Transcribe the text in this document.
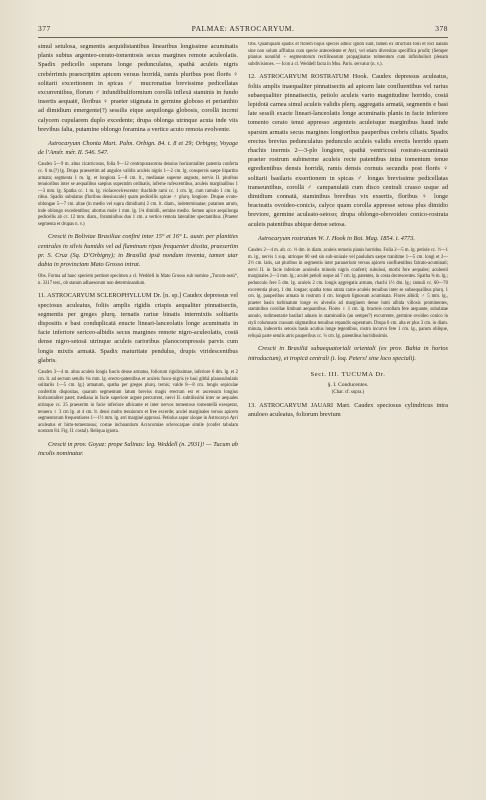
377	PALMAE: ASTROCARYUM.	378

simul setulosa, segmentis aequidistantibus linearibus longissime acuminatis planis subtus argenteo-cerato-tomentosis secus margines remote aculeolatis. Spadix pedicello superans longe pedunculatus, spathä aculeis nigris crebérrimis praescriptim apicem versus horridä, ramis pluribus post florës ♀ solitarii excertionem in spicas ♂ mucronatias brevissime pedicellatas excurrentibus, florum ♂ infundibuliformium corollä inflexä staminis in fundo insertis aequatë, floribus ♀ praeter stigmata in germine globoso et perianthio ad dimidium emergente(?) sessilis eique aequilonga globosis, corollä incrmi calycem cupularem duplo excedente; drupa oblonga utrinque acuta inde viis brevibus falta, putamine oblongo foramina a vertice acuto remota evolvente.

Astrocaryum Chonta Mart. Palm. Orbign. 84. t. 8 et 29; Orbigny, Voyage de l’Amér. mér. II. 546. 547.

Caudex 5—9 m. altus cicatricosus, folia 9—12 centropurascenta densius horizontaliter patentia conferta cc. 6 m.(?) lg. Drupa praesertim ad angulos validis aculeis nigris 1—2 cm. lg. conspersis saepe bipartito armata; segmenta 1 m. lg. et longiora 5—8 cm. lt., medianae superne angusto, nervis II. pluribus tenuioribus inter se aequalibus saepius superatim ordinatis, inferne rufescentibus, aculeis marginalibus 1—3 mm. lg. Spatha cc. 1 m. lg. violaceovirescente; rhachide rami cc. 1 cm. lg. cum ramulo 1 cm. lg. ribus. Spadix subulatus (floribus densiuscule) quam pedicellis spicae ♂ plurq. longiore. Drupae ovato-oblongae 5—7 cm. altae (in medio vel supra dimidium) 2 cm. lt. diam., indeterminatae; putamen atrum, inde oblongo excedentibus; abortus mole 1 mm. lg. 1¾ dimidii, semine medio. Semen apice aequilonga pedicellis ab cc. 12 mm. diam., foraminibus duo 1 cm. a vertice remota lateraliter spectantibus. (Praeter segmenta et drupas n. v.)

Crescit in Boliviae Brasiliae confini inter 15° et 16° L. austr. per planities centrales in silvis humidis vel ad flaminum ripas frequenter dissita, praesertim pr. S. Cruz (Sq. D’Orbigny); in Brasiliā ipsā nondum inventa, tamen utar dubia in provinciam Mato Grosso intrat.

Obs. Forma ad hanc speciem pertinet specimen a cl. Weddell in Mato Grosso sub nomine „Tucum-assú“, n. 3317 test., ob statum adhaesorum non determinandum.

11. ASTROCARYUM SCLEROPHYLLUM Dr. [n. sp.] Caudex depressus vel speciosus aculeatus, foliis amplis rigidis crispis aequaliter pinnatisectis, segmentis per greges plurq. ternatis rariue binatis intermixtis solitariis dispositis e basi conduplicatā enucte lineari-lanceolatis longe acuminatis in facie inferiore sericeo-albidis secus margines remote nigro-aculeolatis, costā dense nigro-setosā utrinque aculeis rarioribus planocompressis parvis cum longis mixtis armatä. Spadix maturitate pendulus, drupis viridescentibus glabris.

Caudex 3—4 m. altus aculeis longis fuscis dense armatus, foliorum rigidissimae, inferiore 6 dm. lg. et 2 cm. lt. ad sectum setulis ⅓s mm. lg. erecto-patentibus et aculeis fusco-nigris (e basi gibbā planosubulatis solitariis 1—5 cm. lg.) armatum, spatha per greges plurq. ternis; valde 8—8 cm. longis sepiculae confertim dispositas, quarum segmentum latum breviss magis erectum est et ascensum longius horizontaliter patet; mediana in facie superiore argute percurrent, nervi II. subtilissimi inter se aequales utrinque cc. 25 praeserim in facie inferiore albicante et inter nervos tomentoso tomentellā exesperat, tenuera ♀ 3 cm lg. at 4 cm. lt. densi multo tenuiorum et free excerde; aculei marginales versus apicem segmentorum frequentiores 1—1½ mm. lg. atri marginé approssi. Petiolus sapor sloque in Astrocaryo Ayri aculeatus et hirto-tomentosus; costae inchoantium Acrocomiae sclerocarpae simile (confer tabulam nostram 84. Fig. II. costal). Reliqua ignota.

Crescit in prov. Goyaz: prope Salinas: leg. Weddell (n. 2931)! — Tucum ab incolis nominatur.

Obs. Quamquam spadix et florem hujus speciei adhuc ignoti sunt, tamen ex structura folii et loci natalis sine non solum affinitas cum specie antecedente et Ayri, vel etiam diversitas speciflica prodit; (Semper planius nonnihil + segmentorum rectilinearum propaginatas tolmentum cum infinibuliuit plenam subdivisiones. — Icon a cl. Weddell facta in Mus. Paris. servatur (n. v.).

12. ASTROCARYUM ROSTRATUM Hook. Caudex depressus aculeatus, foliis amplis inaequaliter pinnatisectis ad apicem late confluentibus vel rarius subaequaliter pinnatisectis, petiolo aculeis vario magnitudine horrido, costä lepidotä carnea simul aculeis validis plerq. aggregatis armatä, segmentis e basi late sessili exacte lineari-lanceolatis longe acuminatis planis in facie inferiore tomento cerato tenui appresso argenteis aculeisque marginibus haud inde sparsim armatis secus margines longioribus pauperibus crebris ciliatis. Spadix erectus brevius pedunculatus pedunculo aculeis validis erectis horrido quam rhachis inermis 2—3-plo longiore, spathā ventricosä rostrato-acuminatä praeter rostrum subinerme aculeis recte patentibus intra tomentum tenue egredientibus densis horridä, ramis densis cornuis secundis post florës ♀ solitarii basilaris exsertionem in spicas ♂ longas brevissime pedicellatas transeuntibus, corollä ♂ campanulatä cum disco centrali crasso usque ad dimidium connatä, staminibus brevibus vix exsertis, floribus ♀ longe bracteatis ovoideo-conicis, calyce quam corolla appresse setosa plus dimidio breviore, germine aculeato-setoso; drupa oblongo-obovoideo conico-rostrata aculeis patentibus ubique dense setosa.

Astrocaryum rostratum W. J. Hook in Bot. Mag. 1854. t. 4773.

Caudex 2—4 m. alt. cc. ⅓ dm. in diam. aculeis remotis planis horridus. Folia 2—5 m. lg. petiole cc. ½—1 m. lg., nervis 1 sup. utrinque 60 sed sin sub-uniuale vel paululum saepe tranitime 1—5 cm. longi et 2—2½ cm. latis, sat pluribus in segmentis inter parauerium versus apicem confluentibus falcato-acuminati; nervi II. in facie inferiore aculeolis minutis nigris conferti; subulosi, morbi fore aequales; acubeoli marginales 2—3 mm. lg.; aculei petioli usque ad 7 cm. lg. patentes, in costa decrescentes. Spatha ¾ m. lg.; pedunculo fere 5 dm. lg. aculeis 2 cm. longis aggregatis armato, rhachi 1½ dm. lg.; ramuli cc. 60—70 excerentia plurq. 1 dm. longae; spatha totus atrata carne aculeis tenuibus inter se subaequalibus plurq. 1 cm. lg. pauperibus armata in rostrum 4 cm. longum lignosum acuminata. Flores albidi; ♂ 5 mm. lg., praeter basin turbinatum longe ex alveolis ad marginem dense lumi albida villosis prominentes, staminibus corollae limbum aequantibus. Flores ♀ 1 cm. lg. bracteis corollam fere aequante, subulatae annulo, rudimentarie basilari adnato in staminodiis (an semper?) excurrente, germine ovoideo conico in styli columnam crassam stigmatibus tenuibus repandis superatum. Drupa 6 cm. alta et plus 3 cm. in diam. minuta, indecertis setosis basin acutius longe tegentibus, rostro incurvo fere 1 cm. lg., parum oblique, reliquā parte setulis atris pauperibus cc. ¼ cm. lg. patentibus horridissimis.

Crescit in Brasiliā subaequatoriali orientali (ex prov. Bahia in hortos introductum), et tropicā centrali (t. loq. Peters! sine loco speciali).

Sect. III. TUCUMA Dr.
§. I. Conducentes.
(Char. cf. supra.)

13. ASTROCARYUM JAUARI Mart. Caudex speciosus cylindricus intra anuloeo aculeatus, foliorum brevium
